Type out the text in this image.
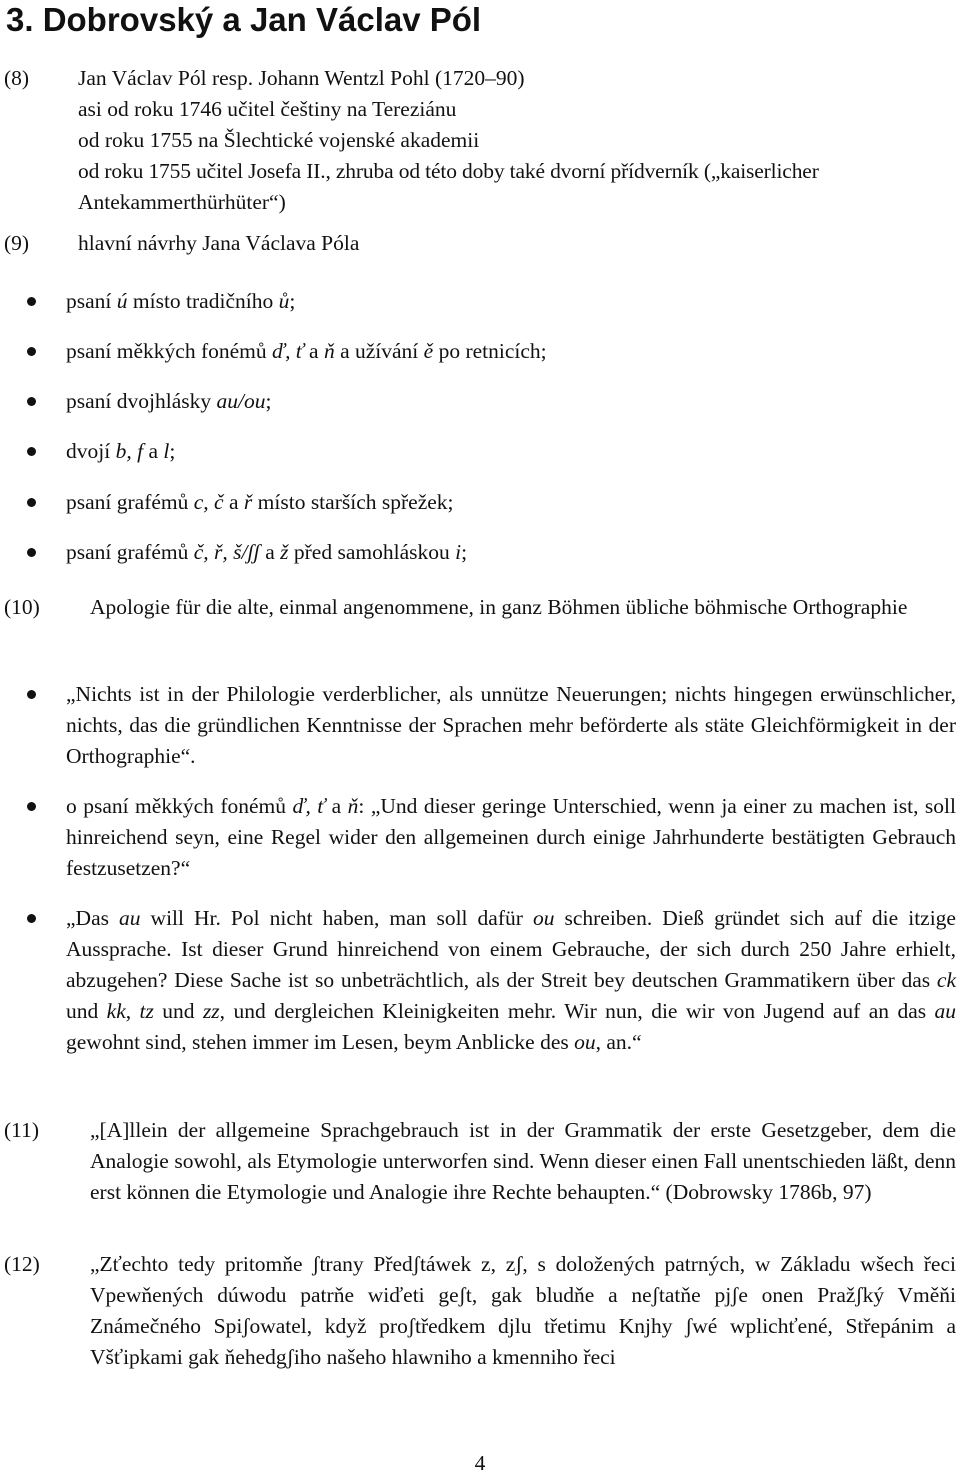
3. Dobrovský a Jan Václav Pól
(8) Jan Václav Pól resp. Johann Wentzl Pohl (1720–90)
asi od roku 1746 učitel češtiny na Tereziánu
od roku 1755 na Šlechtické vojenské akademii
od roku 1755 učitel Josefa II., zhruba od této doby také dvorní přídverník („kaiserlicher
Antekammerthürhüter“)
(9) hlavní návrhy Jana Václava Póla
psaní ú místo tradičního ů;
psaní měkkých fonémů ď, ť a ň a užívání ě po retnicích;
psaní dvojhlásky au/ou;
dvojí b, f a l;
psaní grafémů c, č a ř místo starších spřežek;
psaní grafémů č, ř, š/ʃʃ a ž před samohláskou i;
(10) Apologie für die alte, einmal angenommene, in ganz Böhmen übliche böhmische Orthographie
„Nichts ist in der Philologie verderblicher, als unnütze Neuerungen; nichts hingegen erwünschlicher, nichts, das die gründlichen Kenntnisse der Sprachen mehr beförderte als stäte Gleichförmigkeit in der Orthographie“.
o psaní měkkých fonémů ď, ť a ň: „Und dieser geringe Unterschied, wenn ja einer zu machen ist, soll hinreichend seyn, eine Regel wider den allgemeinen durch einige Jahrhunderte bestätigten Gebrauch festzusetzen?“
„Das au will Hr. Pol nicht haben, man soll dafür ou schreiben. Dieß gründet sich auf die itzige Aussprache. Ist dieser Grund hinreichend von einem Gebrauche, der sich durch 250 Jahre erhielt, abzugehen? Diese Sache ist so unbeträchtlich, als der Streit bey deutschen Grammatikern über das ck und kk, tz und zz, und dergleichen Kleinigkeiten mehr. Wir nun, die wir von Jugend auf an das au gewohnt sind, stehen immer im Lesen, beym Anblicke des ou, an.“
(11) „[A]llein der allgemeine Sprachgebrauch ist in der Grammatik der erste Gesetzgeber, dem die Analogie sowohl, als Etymologie unterworfen sind. Wenn dieser einen Fall unentschieden läßt, denn erst können die Etymologie und Analogie ihre Rechte behaupten.“ (Dobrowsky 1786b, 97)
(12) „Zťechto tedy pritomňe ʃtrany Předʃtáwek z, zʃ, s doložených patrných, w Základu wšech řeci Vpewňených dúwodu patrňe wiďeti geʃt, gak bludňe a neʃtatňe pjʃe onen Pražʃký Vměňi Známečného Spiʃowatel, když proʃtředkem djlu třetimu Knjhy ʃwé wplichťené, Střepánim a Všťipkami gak ňehedgʃiho našeho hlawniho a kmenniho řeci
4
